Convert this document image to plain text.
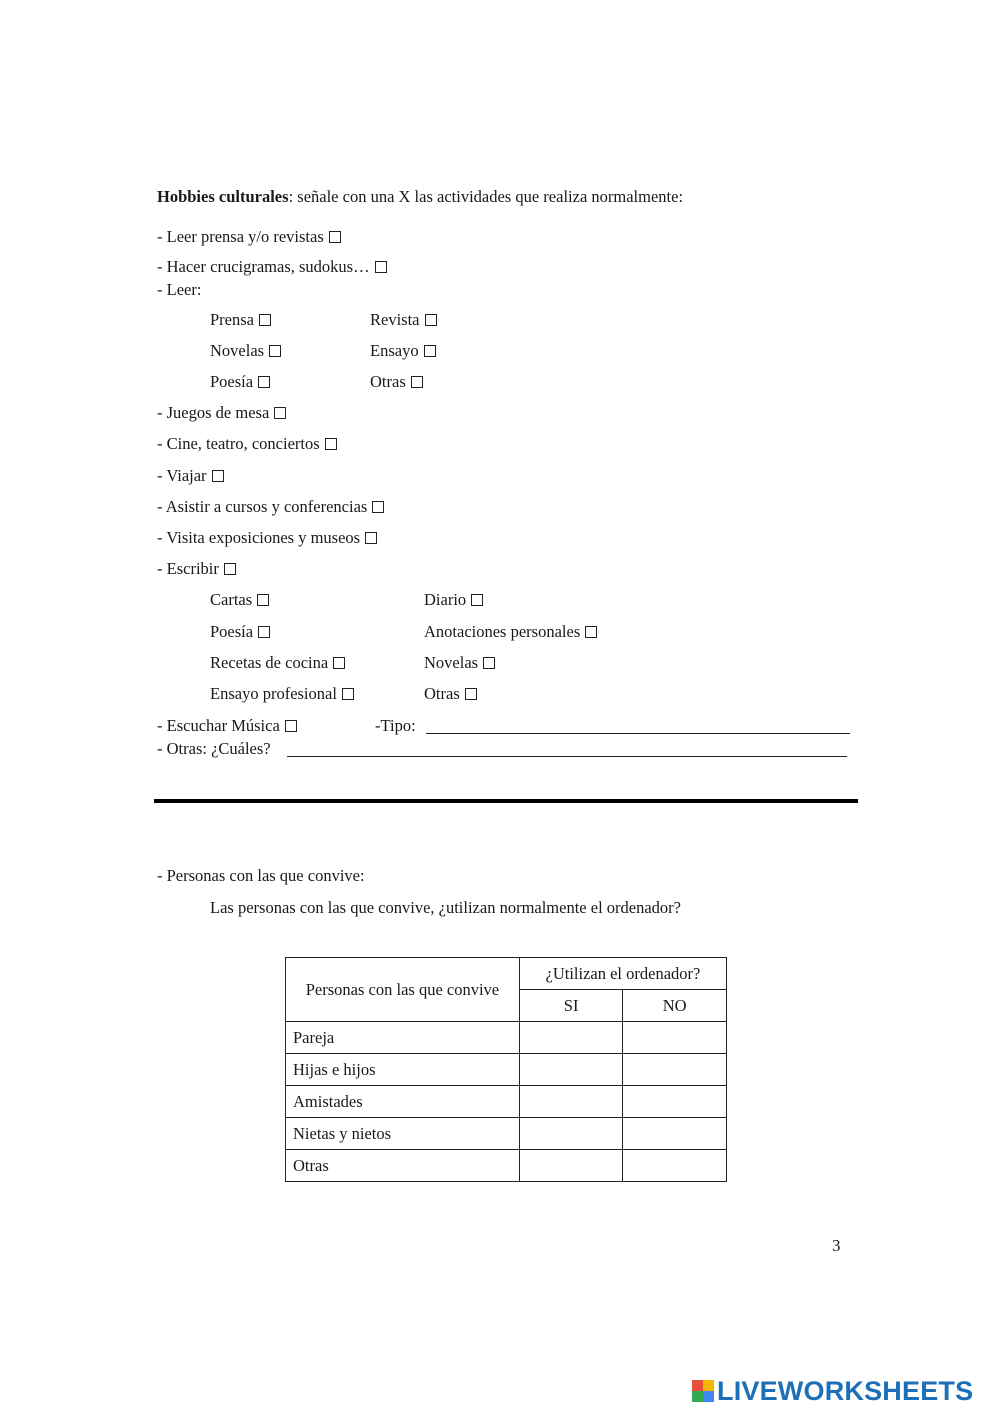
Hobbies culturales: señale con una X las actividades que realiza normalmente:
- Leer prensa y/o revistas
- Hacer crucigramas, sudokus…
- Leer:
Prensa	Revista
Novelas	Ensayo
Poesía	Otras
- Juegos de mesa
- Cine, teatro, conciertos
- Viajar
- Asistir a cursos y conferencias
- Visita exposiciones y museos
- Escribir
Cartas	Diario
Poesía	Anotaciones personales
Recetas de cocina	Novelas
Ensayo profesional	Otras
- Escuchar Música	-Tipo:
- Otras: ¿Cuáles?
- Personas con las que convive:
Las personas con las que convive, ¿utilizan normalmente el ordenador?
Personas con las que convive	¿Utilizan el ordenador?	
	SI	NO
Pareja		
Hijas e hijos		
Amistades		
Nietas y nietos		
Otras		
3
LIVEWORKSHEETS
